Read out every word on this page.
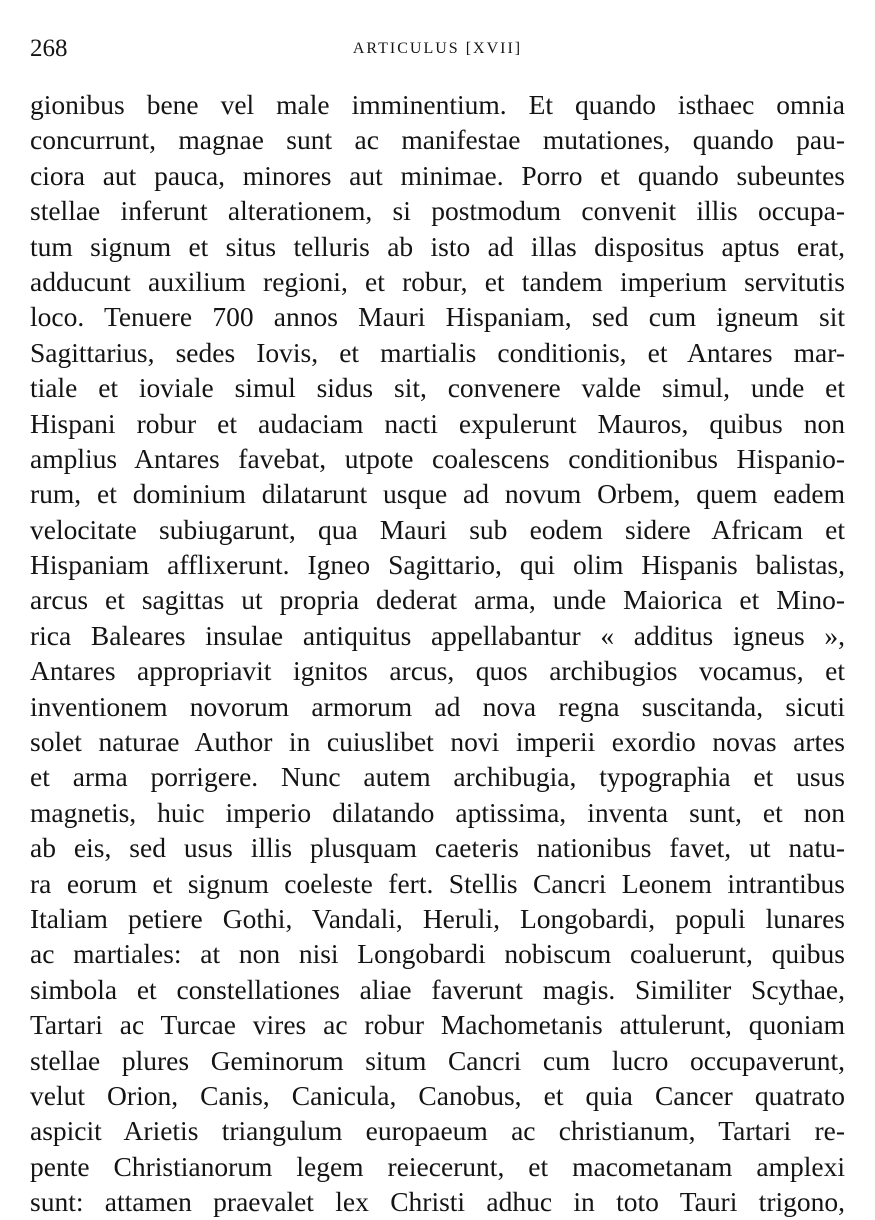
ARTICULUS [XVII]
268
gionibus bene vel male imminentium. Et quando isthaec omnia
concurrunt, magnae sunt ac manifestae mutationes, quando pau-
ciora aut pauca, minores aut minimae. Porro et quando subeuntes
stellae inferunt alterationem, si postmodum convenit illis occupa-
tum signum et situs telluris ab isto ad illas dispositus aptus erat,
adducunt auxilium regioni, et robur, et tandem imperium servitutis
loco. Tenuere 700 annos Mauri Hispaniam, sed cum igneum sit
Sagittarius, sedes Iovis, et martialis conditionis, et Antares mar-
tiale et ioviale simul sidus sit, convenere valde simul, unde et
Hispani robur et audaciam nacti expulerunt Mauros, quibus non
amplius Antares favebat, utpote coalescens conditionibus Hispanio-
rum, et dominium dilatarunt usque ad novum Orbem, quem eadem
velocitate subiugarunt, qua Mauri sub eodem sidere Africam et
Hispaniam afflixerunt. Igneo Sagittario, qui olim Hispanis balistas,
arcus et sagittas ut propria dederat arma, unde Maiorica et Mino-
rica Baleares insulae antiquitus appellabantur « additus igneus »,
Antares appropriavit ignitos arcus, quos archibugios vocamus, et
inventionem novorum armorum ad nova regna suscitanda, sicuti
solet naturae Author in cuiuslibet novi imperii exordio novas artes
et arma porrigere. Nunc autem archibugia, typographia et usus
magnetis, huic imperio dilatando aptissima, inventa sunt, et non
ab eis, sed usus illis plusquam caeteris nationibus favet, ut natu-
ra eorum et signum coeleste fert. Stellis Cancri Leonem intrantibus
Italiam petiere Gothi, Vandali, Heruli, Longobardi, populi lunares
ac martiales: at non nisi Longobardi nobiscum coaluerunt, quibus
simbola et constellationes aliae faverunt magis. Similiter Scythae,
Tartari ac Turcae vires ac robur Machometanis attulerunt, quoniam
stellae plures Geminorum situm Cancri cum lucro occupaverunt,
velut Orion, Canis, Canicula, Canobus, et quia Cancer quatrato
aspicit Arietis triangulum europaeum ac christianum, Tartari re-
pente Christianorum legem reiecerunt, et macometanam amplexi
sunt: attamen praevalet lex Christi adhuc in toto Tauri trigono,
